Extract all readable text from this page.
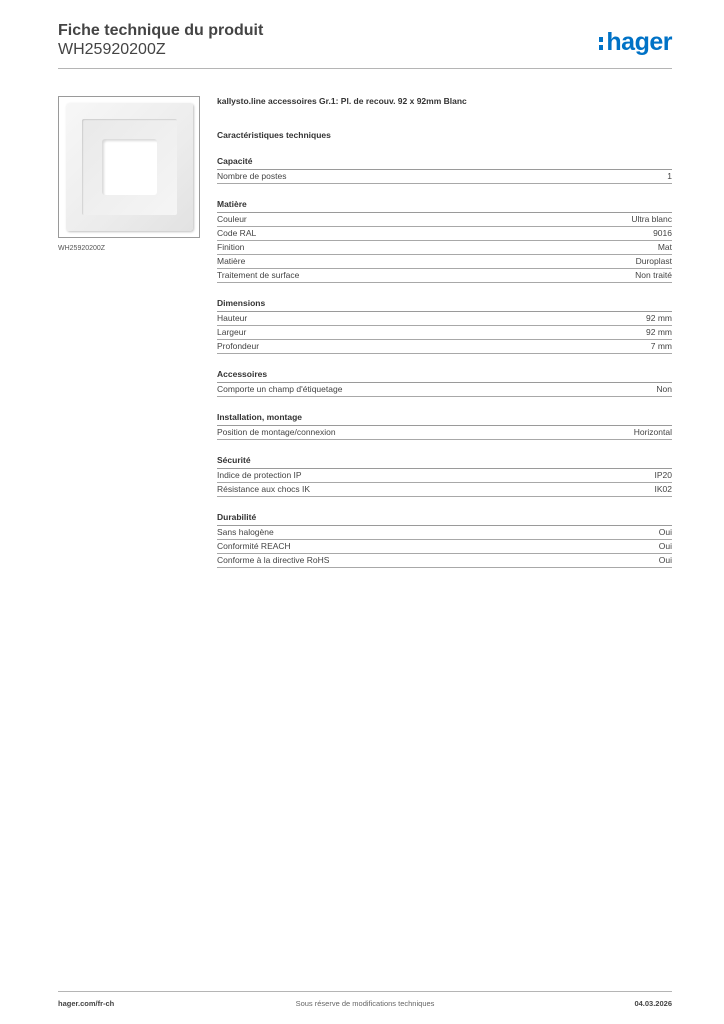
Fiche technique du produit
WH25920200Z	hager
WH25920200Z
kallysto.line accessoires Gr.1: Pl. de recouv. 92 x 92mm Blanc
Caractéristiques techniques
Capacité
Nombre de postes	1
Matière
Couleur	Ultra blanc
Code RAL	9016
Finition	Mat
Matière	Duroplast
Traitement de surface	Non traité
Dimensions
Hauteur	92 mm
Largeur	92 mm
Profondeur	7 mm
Accessoires
Comporte un champ d'étiquetage	Non
Installation, montage
Position de montage/connexion	Horizontal
Sécurité
Indice de protection IP	IP20
Résistance aux chocs IK	IK02
Durabilité
Sans halogène	Oui
Conformité REACH	Oui
Conforme à la directive RoHS	Oui
hager.com/fr-ch	Sous réserve de modifications techniques	04.03.2026
